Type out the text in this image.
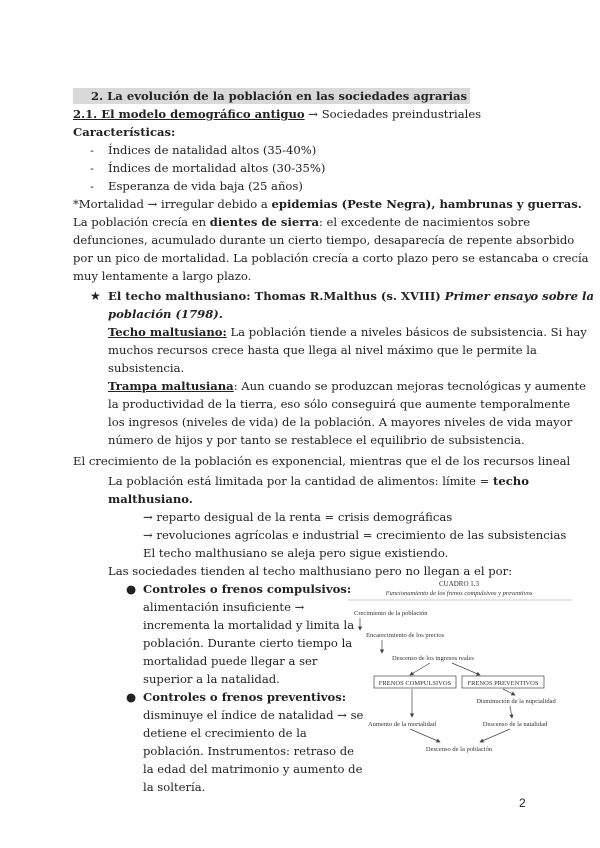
2. La evolución de la población en las sociedades agrarias
2.1. El modelo demográfico antiguo → Sociedades preindustriales
Características:
- Índices de natalidad altos (35-40%)
- Índices de mortalidad altos (30-35%)
- Esperanza de vida baja (25 años)
*Mortalidad → irregular debido a epidemias (Peste Negra), hambrunas y guerras.
La población crecía en dientes de sierra: el excedente de nacimientos sobre
defunciones, acumulado durante un cierto tiempo, desaparecía de repente absorbido
por un pico de mortalidad. La población crecía a corto plazo pero se estancaba o crecía
muy lentamente a largo plazo.
★ El techo malthusiano: Thomas R.Malthus (s. XVIII) Primer ensayo sobre la
población (1798).
Techo maltusiano: La población tiende a niveles básicos de subsistencia. Si hay
muchos recursos crece hasta que llega al nivel máximo que le permite la
subsistencia.
Trampa maltusiana: Aun cuando se produzcan mejoras tecnológicas y aumente
la productividad de la tierra, eso sólo conseguirá que aumente temporalmente
los ingresos (niveles de vida) de la población. A mayores niveles de vida mayor
número de hijos y por tanto se restablece el equilibrio de subsistencia.
El crecimiento de la población es exponencial, mientras que el de los recursos lineal
La población está limitada por la cantidad de alimentos: límite = techo
malthusiano.
→ reparto desigual de la renta = crisis demográficas
→ revoluciones agrícolas e industrial = crecimiento de las subsistencias
El techo malthusiano se aleja pero sigue existiendo.
Las sociedades tienden al techo malthusiano pero no llegan a el por:
● Controles o frenos compulsivos:
alimentación insuficiente →
incrementa la mortalidad y limita la
población. Durante cierto tiempo la
mortalidad puede llegar a ser
superior a la natalidad.
● Controles o frenos preventivos:
disminuye el índice de natalidad → se
detiene el crecimiento de la
población. Instrumentos: retraso de
la edad del matrimonio y aumento de
la soltería.
CUADRO 1.3
Funcionamiento de los frenos compulsivos y preventivos
Crecimiento de la población
Encarecimiento de los precios
Descenso de los ingresos reales
FRENOS COMPULSIVOS	FRENOS PREVENTIVOS
Disminución de la nupcialidad
Descenso de la natalidad
Aumento de la mortalidad
Descenso de la población
2
